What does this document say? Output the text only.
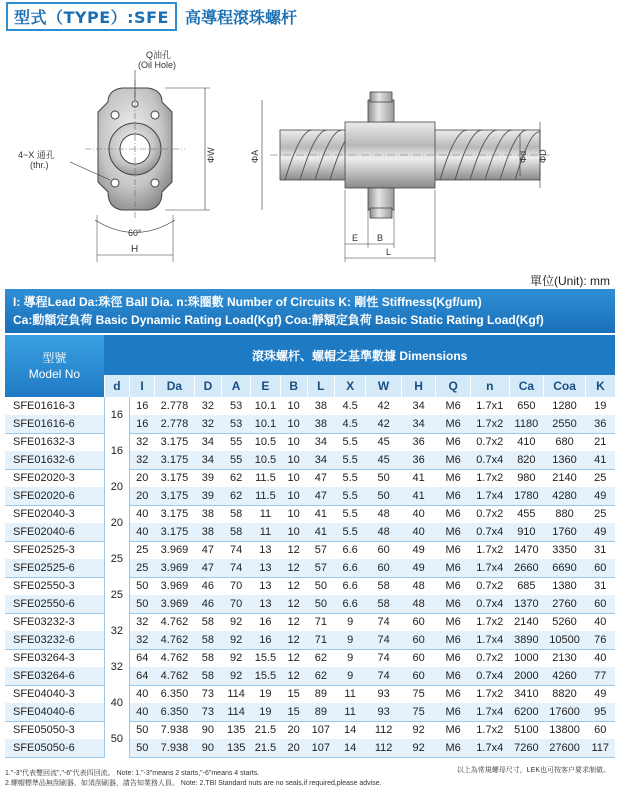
型式（TYPE）:SFE	高導程滾珠螺杆
Q油孔
(Oil Hole)
4~X 通孔
(thr.)
60°
H
ΦW	ΦA	Φd ΦD
E B
L
單位(Unit): mm
I: 導程Lead Da:珠徑 Ball Dia. n:珠圈數 Number of Circuits K: 剛性 Stiffness(Kgf/um)
Ca:動額定負荷 Basic Dynamic Rating Load(Kgf) Coa:靜額定負荷 Basic Static Rating Load(Kgf)
型號
Model No	滾珠螺杆、螺帽之基準數據 Dimensions															
	d	I	Da	D	A	E	B	L	X	W	H	Q	n	Ca	Coa	K
SFE01616-3	16	16	2.778	32	53	10.1	10	38	4.5	42	34	M6	1.7x1	650	1280	19
SFE01616-6		16	2.778	32	53	10.1	10	38	4.5	42	34	M6	1.7x2	1180	2550	36
SFE01632-3	16	32	3.175	34	55	10.5	10	34	5.5	45	36	M6	0.7x2	410	680	21
SFE01632-6		32	3.175	34	55	10.5	10	34	5.5	45	36	M6	0.7x4	820	1360	41
SFE02020-3	20	20	3.175	39	62	11.5	10	47	5.5	50	41	M6	1.7x2	980	2140	25
SFE02020-6		20	3.175	39	62	11.5	10	47	5.5	50	41	M6	1.7x4	1780	4280	49
SFE02040-3	20	40	3.175	38	58	11	10	41	5.5	48	40	M6	0.7x2	455	880	25
SFE02040-6		40	3.175	38	58	11	10	41	5.5	48	40	M6	0.7x4	910	1760	49
SFE02525-3	25	25	3.969	47	74	13	12	57	6.6	60	49	M6	1.7x2	1470	3350	31
SFE02525-6		25	3.969	47	74	13	12	57	6.6	60	49	M6	1.7x4	2660	6690	60
SFE02550-3	25	50	3.969	46	70	13	12	50	6.6	58	48	M6	0.7x2	685	1380	31
SFE02550-6		50	3.969	46	70	13	12	50	6.6	58	48	M6	0.7x4	1370	2760	60
SFE03232-3	32	32	4.762	58	92	16	12	71	9	74	60	M6	1.7x2	2140	5260	40
SFE03232-6		32	4.762	58	92	16	12	71	9	74	60	M6	1.7x4	3890	10500	76
SFE03264-3	32	64	4.762	58	92	15.5	12	62	9	74	60	M6	0.7x2	1000	2130	40
SFE03264-6		64	4.762	58	92	15.5	12	62	9	74	60	M6	0.7x4	2000	4260	77
SFE04040-3	40	40	6.350	73	114	19	15	89	11	93	75	M6	1.7x2	3410	8820	49
SFE04040-6		40	6.350	73	114	19	15	89	11	93	75	M6	1.7x4	6200	17600	95
SFE05050-3	50	50	7.938	90	135	21.5	20	107	14	112	92	M6	1.7x2	5100	13800	60
SFE05050-6		50	7.938	90	135	21.5	20	107	14	112	92	M6	1.7x4	7260	27600	117
以上為常規螺母尺寸，LEK也可按客户要求制做。
1."-3"代表雙回流","-6"代表四回流。 Note: 1."-3"means 2 starts,"-6"means 4 starts.
2.螺帽標準品無刮刷器，如須刮刷器，請告知業務人員。 Note: 2.TBI Standard nuts are no seals,if required,please advise.
